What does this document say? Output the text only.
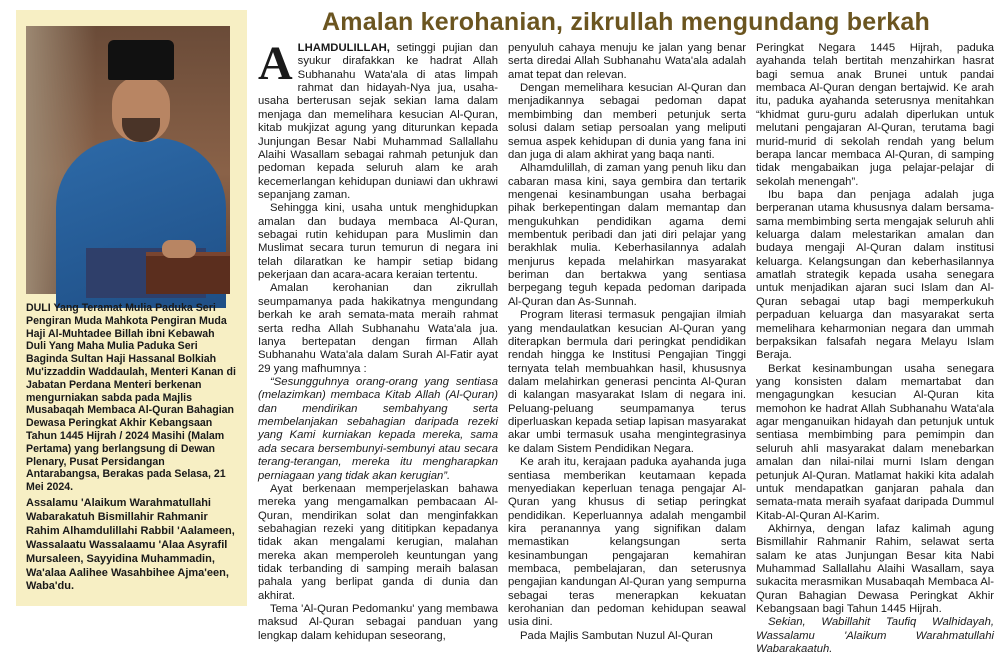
DULI Yang Teramat Mulia Paduka Seri Pengiran Muda Mahkota Pengiran Muda Haji Al-Muhtadee Billah ibni Kebawah Duli Yang Maha Mulia Paduka Seri Baginda Sultan Haji Hassanal Bolkiah Mu'izzaddin Waddaulah, Menteri Kanan di Jabatan Perdana Menteri berkenan mengurniakan sabda pada Majlis Musabaqah Membaca Al-Quran Bahagian Dewasa Peringkat Akhir Kebangsaan Tahun 1445 Hijrah / 2024 Masihi (Malam Pertama) yang berlangsung di Dewan Plenary, Pusat Persidangan Antarabangsa, Berakas pada Selasa, 21 Mei 2024.
Assalamu 'Alaikum Warahmatullahi Wabarakatuh Bismillahir Rahmanir Rahim Alhamdulillahi Rabbil 'Aalameen, Wassalaatu Wassalaamu 'Alaa Asyrafil Mursaleen, Sayyidina Muhammadin, Wa'alaa Aalihee Wasahbihee Ajma'een, Waba'du.
Amalan kerohanian, zikrullah mengundang berkah

ALHAMDULILLAH, setinggi pujian dan syukur dirafakkan ke hadrat Allah Subhanahu Wata'ala di atas limpah rahmat dan hidayah-Nya jua, usaha-usaha berterusan sejak sekian lama dalam menjaga dan memelihara kesucian Al-Quran, kitab mukjizat agung yang diturunkan kepada Junjungan Besar Nabi Muhammad Sallallahu Alaihi Wasallam sebagai rahmah petunjuk dan pedoman kepada seluruh alam ke arah kecemerlangan kehidupan duniawi dan ukhrawi sepanjang zaman.

Sehingga kini, usaha untuk menghidupkan amalan dan budaya membaca Al-Quran, sebagai rutin kehidupan para Muslimin dan Muslimat secara turun temurun di negara ini telah dilaratkan ke hampir setiap bidang pekerjaan dan acara-acara keraian tertentu.

Amalan kerohanian dan zikrullah seumpamanya pada hakikatnya mengundang berkah ke arah semata-mata meraih rahmat serta redha Allah Subhanahu Wata'ala jua. Ianya bertepatan dengan firman Allah Subhanahu Wata'ala dalam Surah Al-Fatir ayat 29 yang mafhumnya :

“Sesungguhnya orang-orang yang sentiasa (melazimkan) membaca Kitab Allah (Al-Quran) dan mendirikan sembahyang serta membelanjakan sebahagian daripada rezeki yang Kami kurniakan kepada mereka, sama ada secara bersembunyi-sembunyi atau secara terang-terangan, mereka itu mengharapkan perniagaan yang tidak akan kerugian”.

Ayat berkenaan memperjelaskan bahawa mereka yang mengamalkan pembacaan Al-Quran, mendirikan solat dan menginfakkan sebahagian rezeki yang dititipkan kepadanya tidak akan mengalami kerugian, malahan mereka akan memperoleh keuntungan yang tidak terbanding di samping meraih balasan pahala yang berlipat ganda di dunia dan akhirat.

Tema 'Al-Quran Pedomanku' yang membawa maksud Al-Quran sebagai panduan yang lengkap dalam kehidupan seseorang,

penyuluh cahaya menuju ke jalan yang benar serta diredai Allah Subhanahu Wata'ala adalah amat tepat dan relevan.

Dengan memelihara kesucian Al-Quran dan menjadikannya sebagai pedoman dapat membimbing dan memberi petunjuk serta solusi dalam setiap persoalan yang meliputi semua aspek kehidupan di dunia yang fana ini dan juga di alam akhirat yang baqa nanti.

Alhamdulillah, di zaman yang penuh liku dan cabaran masa kini, saya gembira dan tertarik mengenai kesinambungan usaha berbagai pihak berkepentingan dalam memantap dan mengukuhkan pendidikan agama demi membentuk peribadi dan jati diri pelajar yang berakhlak mulia. Keberhasilannya adalah menjurus kepada melahirkan masyarakat beriman dan bertakwa yang sentiasa berpegang teguh kepada pedoman daripada Al-Quran dan As-Sunnah.

Program literasi termasuk pengajian ilmiah yang mendaulatkan kesucian Al-Quran yang diterapkan bermula dari peringkat pendidikan rendah hingga ke Institusi Pengajian Tinggi ternyata telah membuahkan hasil, khususnya dalam melahirkan generasi pencinta Al-Quran di kalangan masyarakat Islam di negara ini. Peluang-peluang seumpamanya terus diperluaskan kepada setiap lapisan masyarakat akar umbi termasuk usaha mengintegrasinya ke dalam Sistem Pendidikan Negara.

Ke arah itu, kerajaan paduka ayahanda juga sentiasa memberikan keutamaan kepada menyediakan keperluan tenaga pengajar Al-Quran yang khusus di setiap peringkat pendidikan. Keperluannya adalah mengambil kira peranannya yang signifikan dalam memastikan kelangsungan serta kesinambungan pengajaran kemahiran membaca, pembelajaran, dan seterusnya pengajian kandungan Al-Quran yang sempurna sebagai teras menerapkan kekuatan kerohanian dan pedoman kehidupan seawal usia dini.

Pada Majlis Sambutan Nuzul Al-Quran

Peringkat Negara 1445 Hijrah, paduka ayahanda telah bertitah menzahirkan hasrat bagi semua anak Brunei untuk pandai membaca Al-Quran dengan bertajwid. Ke arah itu, paduka ayahanda seterusnya menitahkan “khidmat guru-guru adalah diperlukan untuk melutani pengajaran Al-Quran, terutama bagi murid-murid di sekolah rendah yang belum berapa lancar membaca Al-Quran, di samping tidak mengabaikan juga pelajar-pelajar di sekolah menengah”.

Ibu bapa dan penjaga adalah juga berperanan utama khususnya dalam bersama-sama membimbing serta mengajak seluruh ahli keluarga dalam melestarikan amalan dan budaya mengaji Al-Quran dalam institusi keluarga. Kelangsungan dan keberhasilannya amatlah strategik kepada usaha senegara untuk menjadikan ajaran suci Islam dan Al-Quran sebagai utap bagi memperkukuh perpaduan keluarga dan masyarakat serta memelihara keharmonian negara dan ummah berpaksikan falsafah negara Melayu Islam Beraja.

Berkat kesinambungan usaha senegara yang konsisten dalam memartabat dan mengagungkan kesucian Al-Quran kita memohon ke hadrat Allah Subhanahu Wata'ala agar menganuikan hidayah dan petunjuk untuk sentiasa membimbing para pemimpin dan seluruh ahli masyarakat dalam menebarkan amalan dan nilai-nilai murni Islam dengan petunjuk Al-Quran. Matlamat hakiki kita adalah untuk mendapatkan ganjaran pahala dan semata-mata meraih syafaat daripada Dummul Kitab-Al-Quran Al-Karim.

Akhirnya, dengan lafaz kalimah agung Bismillahir Rahmanir Rahim, selawat serta salam ke atas Junjungan Besar kita Nabi Muhammad Sallallahu Alaihi Wasallam, saya sukacita merasmikan Musabaqah Membaca Al-Quran Bahagian Dewasa Peringkat Akhir Kebangsaan bagi Tahun 1445 Hijrah.

Sekian, Wabillahit Taufiq Walhidayah, Wassalamu 'Alaikum Warahmatullahi Wabarakaatuh.
